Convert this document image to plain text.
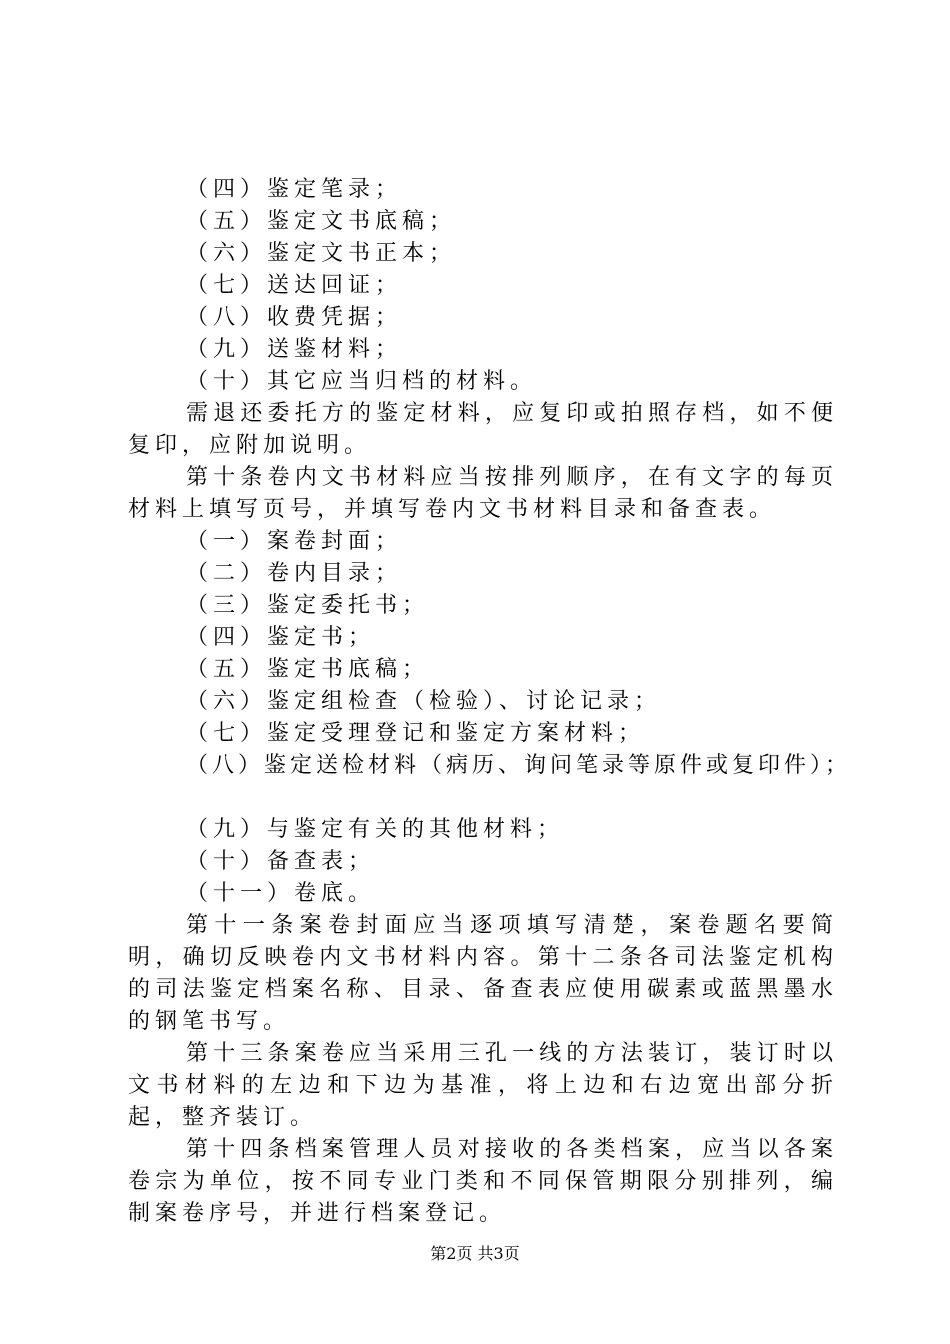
（四）鉴定笔录；
（五）鉴定文书底稿；
（六）鉴定文书正本；
（七）送达回证；
（八）收费凭据；
（九）送鉴材料；
（十）其它应当归档的材料。
需退还委托方的鉴定材料，应复印或拍照存档，如不便复印，应附加说明。
第十条卷内文书材料应当按排列顺序，在有文字的每页材料上填写页号，并填写卷内文书材料目录和备查表。
（一）案卷封面；
（二）卷内目录；
（三）鉴定委托书；
（四）鉴定书；
（五）鉴定书底稿；
（六）鉴定组检查（检验）、讨论记录；
（七）鉴定受理登记和鉴定方案材料；
（八）鉴定送检材料（病历、询问笔录等原件或复印件）；
（九）与鉴定有关的其他材料；
（十）备查表；
（十一）卷底。
第十一条案卷封面应当逐项填写清楚，案卷题名要简明，确切反映卷内文书材料内容。第十二条各司法鉴定机构的司法鉴定档案名称、目录、备查表应使用碳素或蓝黑墨水的钢笔书写。
第十三条案卷应当采用三孔一线的方法装订，装订时以文书材料的左边和下边为基准，将上边和右边宽出部分折起，整齐装订。
第十四条档案管理人员对接收的各类档案，应当以各案卷宗为单位，按不同专业门类和不同保管期限分别排列，编制案卷序号，并进行档案登记。
第2页 共3页
